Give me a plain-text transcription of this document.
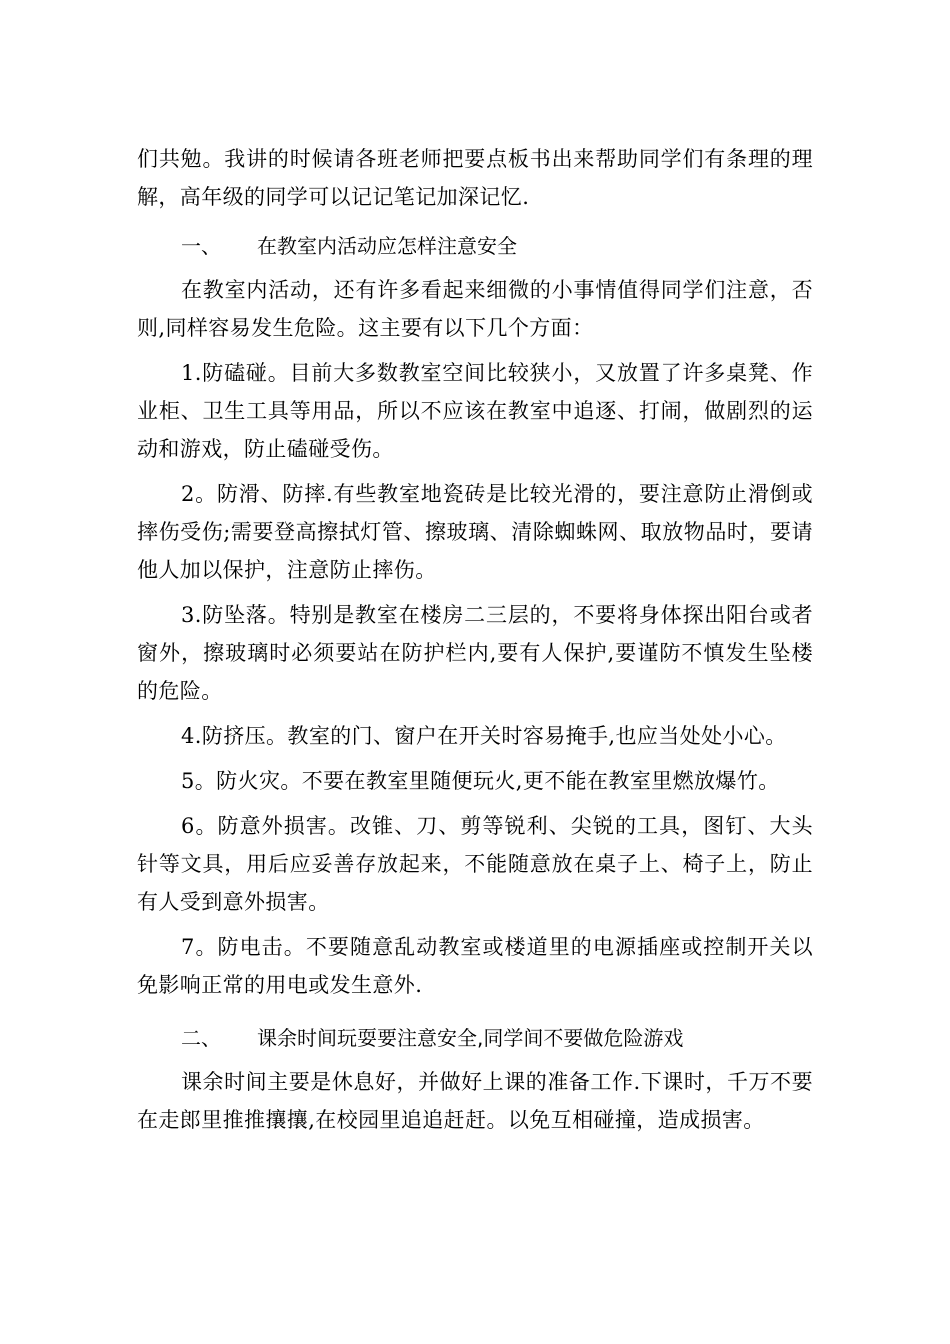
们共勉。我讲的时候请各班老师把要点板书出来帮助同学们有条理的理解，高年级的同学可以记记笔记加深记忆.

一、	在教室内活动应怎样注意安全

在教室内活动，还有许多看起来细微的小事情值得同学们注意，否则,同样容易发生危险。这主要有以下几个方面：

1.防磕碰。目前大多数教室空间比较狭小，又放置了许多桌凳、作业柜、卫生工具等用品，所以不应该在教室中追逐、打闹，做剧烈的运动和游戏，防止磕碰受伤。

2。防滑、防摔.有些教室地瓷砖是比较光滑的，要注意防止滑倒或摔伤受伤;需要登高擦拭灯管、擦玻璃、清除蜘蛛网、取放物品时，要请他人加以保护，注意防止摔伤。

3.防坠落。特别是教室在楼房二三层的，不要将身体探出阳台或者窗外，擦玻璃时必须要站在防护栏内,要有人保护,要谨防不慎发生坠楼的危险。

4.防挤压。教室的门、窗户在开关时容易掩手,也应当处处小心。

5。防火灾。不要在教室里随便玩火,更不能在教室里燃放爆竹。

6。防意外损害。改锥、刀、剪等锐利、尖锐的工具，图钉、大头针等文具，用后应妥善存放起来，不能随意放在桌子上、椅子上，防止有人受到意外损害。

7。防电击。不要随意乱动教室或楼道里的电源插座或控制开关以免影响正常的用电或发生意外.

二、	课余时间玩耍要注意安全,同学间不要做危险游戏

课余时间主要是休息好，并做好上课的准备工作.下课时，千万不要在走郎里推推攘攘,在校园里追追赶赶。以免互相碰撞，造成损害。
